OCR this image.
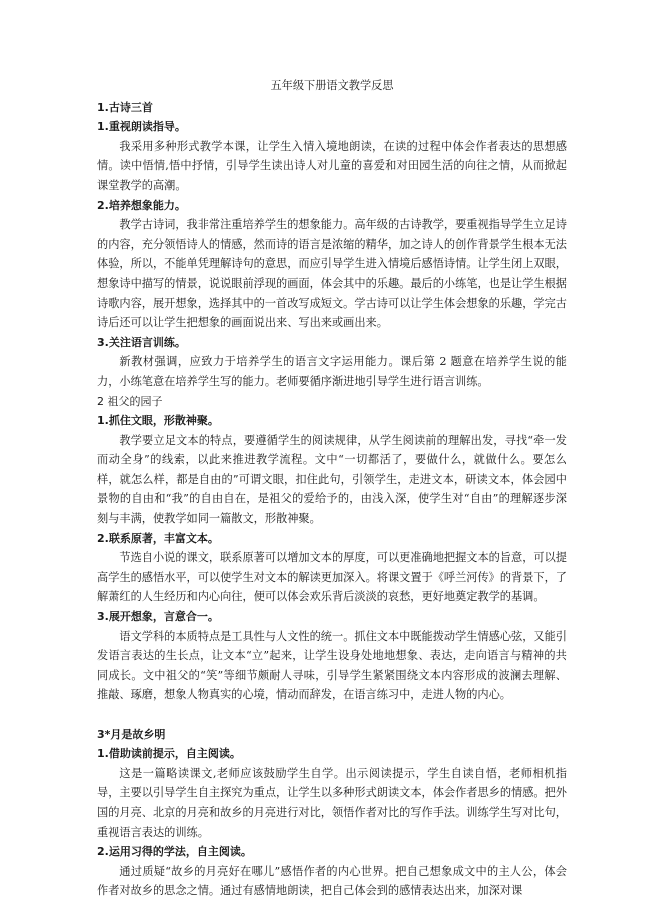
五年级下册语文教学反思
1.古诗三首
1.重视朗读指导。
我采用多种形式教学本课，让学生入情入境地朗读，在读的过程中体会作者表达的思想感情。读中悟情,悟中抒情，引导学生读出诗人对儿童的喜爱和对田园生活的向往之情，从而掀起课堂教学的高潮。
2.培养想象能力。
教学古诗词，我非常注重培养学生的想象能力。高年级的古诗教学，要重视指导学生立足诗的内容，充分领悟诗人的情感，然而诗的语言是浓缩的精华，加之诗人的创作背景学生根本无法体验，所以，不能单凭理解诗句的意思，而应引导学生进入情境后感悟诗情。让学生闭上双眼，想象诗中描写的情景，说说眼前浮现的画面，体会其中的乐趣。最后的小练笔，也是让学生根据诗歌内容，展开想象，选择其中的一首改写成短文。学古诗可以让学生体会想象的乐趣，学完古诗后还可以让学生把想象的画面说出来、写出来或画出来。
3.关注语言训练。
新教材强调，应致力于培养学生的语言文字运用能力。课后第 2 题意在培养学生说的能力，小练笔意在培养学生写的能力。老师要循序渐进地引导学生进行语言训练。
2 祖父的园子
1.抓住文眼，形散神聚。
教学要立足文本的特点，要遵循学生的阅读规律，从学生阅读前的理解出发，寻找“牵一发而动全身”的线索，以此来推进教学流程。文中“一切都活了，要做什么，就做什么。要怎么样，就怎么样，都是自由的”可谓文眼，扣住此句，引领学生，走进文本，研读文本，体会园中景物的自由和“我”的自由自在，是祖父的爱给予的，由浅入深，使学生对“自由”的理解逐步深刻与丰满，使教学如同一篇散文，形散神聚。
2.联系原著，丰富文本。
节选自小说的课文，联系原著可以增加文本的厚度，可以更准确地把握文本的旨意，可以提高学生的感悟水平，可以使学生对文本的解读更加深入。将课文置于《呼兰河传》的背景下，了解萧红的人生经历和内心向往，便可以体会欢乐背后淡淡的哀愁，更好地奠定教学的基调。
3.展开想象，言意合一。
语文学科的本质特点是工具性与人文性的统一。抓住文本中既能拨动学生情感心弦，又能引发语言表达的生长点，让文本“立”起来，让学生设身处地地想象、表达，走向语言与精神的共同成长。文中祖父的“笑”等细节颇耐人寻味，引导学生紧紧围绕文本内容形成的波澜去理解、推敲、琢磨，想象人物真实的心境，情动而辞发，在语言练习中，走进人物的内心。
3*月是故乡明
1.借助读前提示，自主阅读。
这是一篇略读课文,老师应该鼓励学生自学。出示阅读提示，学生自读自悟，老师相机指导，主要以引导学生自主探究为重点，让学生以多种形式朗读文本，体会作者思乡的情感。把外国的月亮、北京的月亮和故乡的月亮进行对比，领悟作者对比的写作手法。训练学生写对比句，重视语言表达的训练。
2.运用习得的学法，自主阅读。
通过质疑“故乡的月亮好在哪儿”感悟作者的内心世界。把自己想象成文中的主人公，体会作者对故乡的思念之情。通过有感情地朗读，把自己体会到的感情表达出来，加深对课
